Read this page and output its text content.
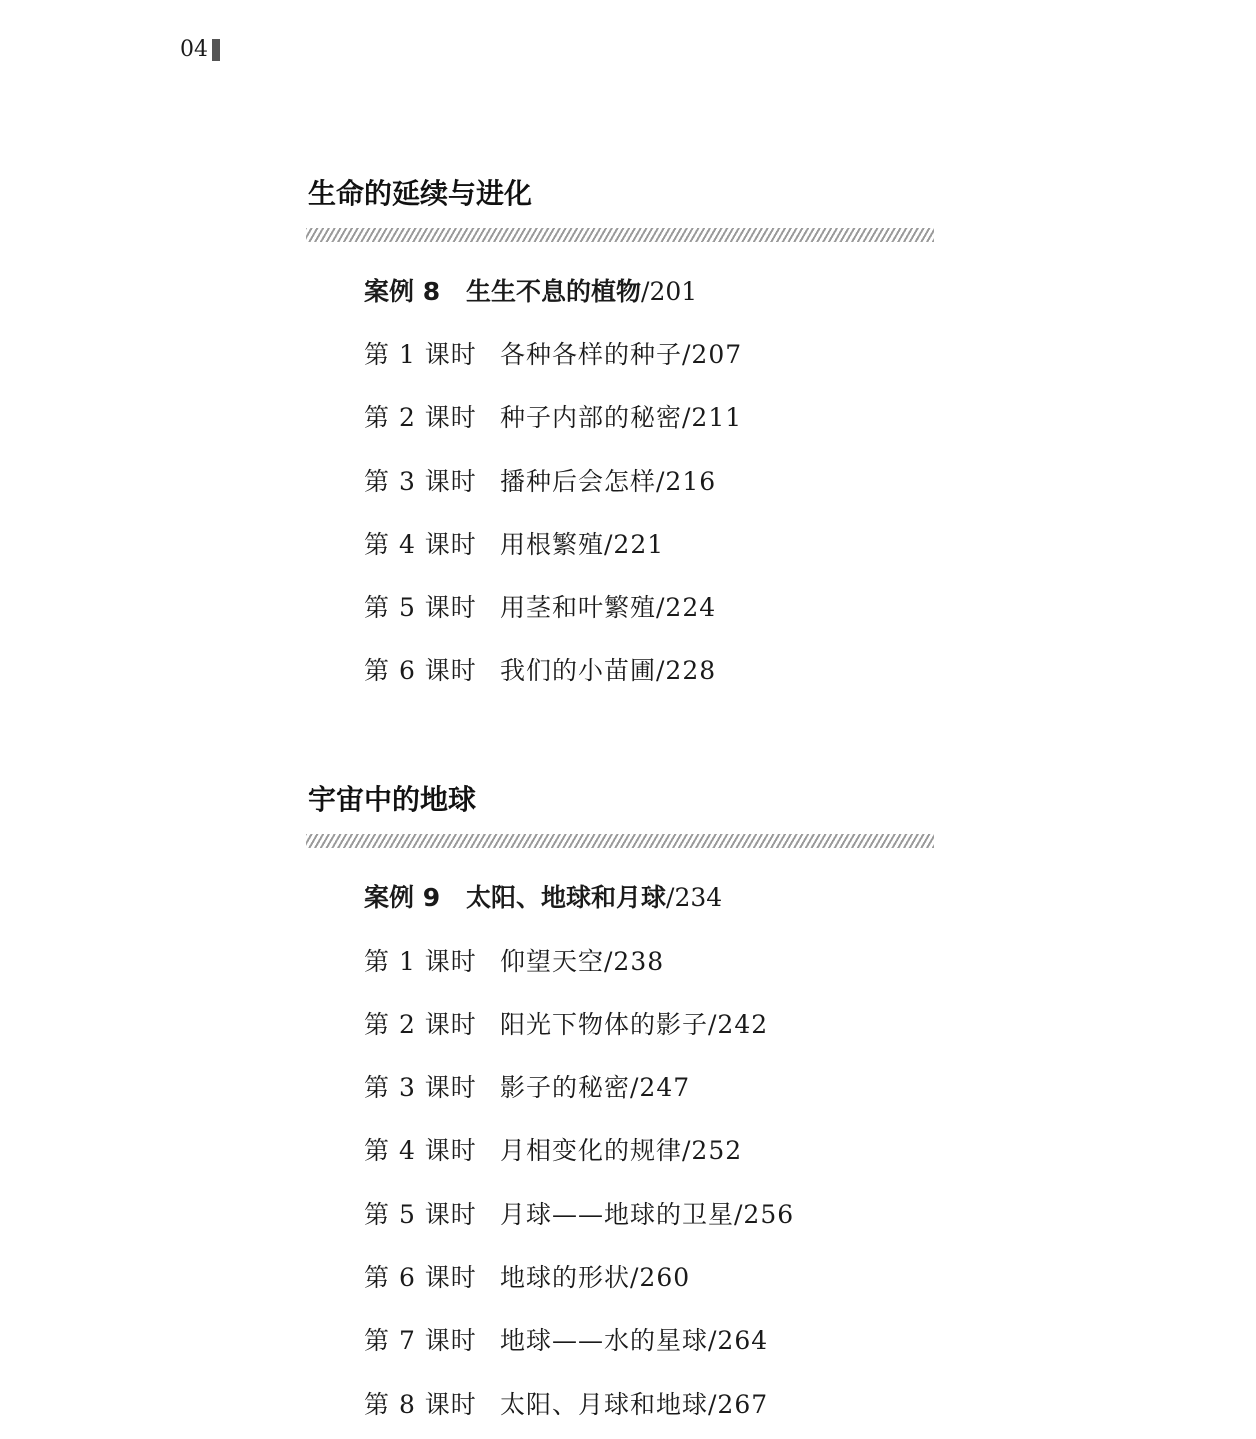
04
生命的延续与进化
案例 8 生生不息的植物/201
第 1 课时 各种各样的种子/207
第 2 课时 种子内部的秘密/211
第 3 课时 播种后会怎样/216
第 4 课时 用根繁殖/221
第 5 课时 用茎和叶繁殖/224
第 6 课时 我们的小苗圃/228
宇宙中的地球
案例 9 太阳、地球和月球/234
第 1 课时 仰望天空/238
第 2 课时 阳光下物体的影子/242
第 3 课时 影子的秘密/247
第 4 课时 月相变化的规律/252
第 5 课时 月球——地球的卫星/256
第 6 课时 地球的形状/260
第 7 课时 地球——水的星球/264
第 8 课时 太阳、月球和地球/267
